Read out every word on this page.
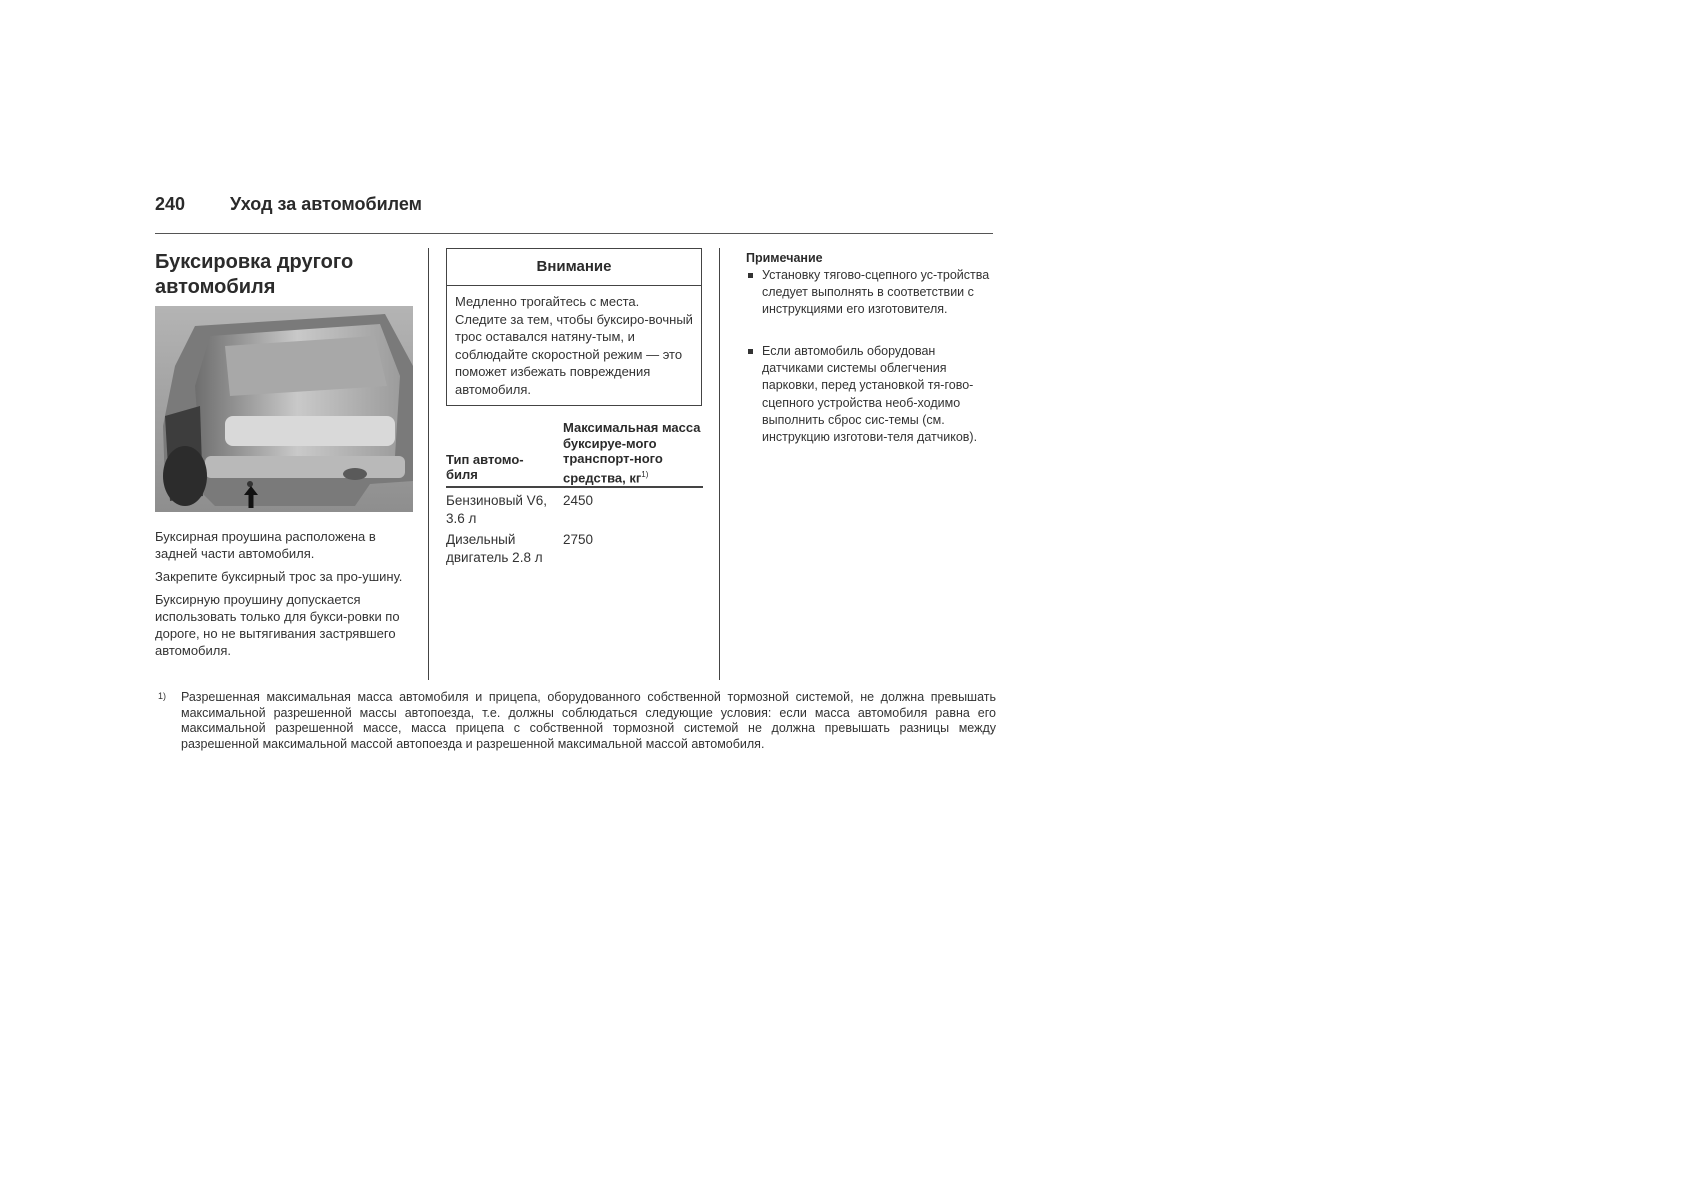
240 Уход за автомобилем
Буксировка другого автомобиля

Буксирная проушина расположена в задней части автомобиля.

Закрепите буксирный трос за про-ушину.

Буксирную проушину допускается использовать только для букси-ровки по дороге, но не вытягивания застрявшего автомобиля.

Внимание
Медленно трогайтесь с места. Следите за тем, чтобы буксиро-вочный трос оставался натяну-тым, и соблюдайте скоростной режим — это поможет избежать повреждения автомобиля.
Тип автомо-биля
Максимальная масса буксируе-мого транспорт-ного средства, $кг^{1)}$
Бензиновый V6, 3.6 л
2450
Дизельный двигатель 2.8 л
2750
Примечание
Установку тягово-сцепного ус-тройства следует выполнять в соответствии с инструкциями его изготовителя.
Если автомобиль оборудован датчиками системы облегчения парковки, перед установкой тя-гово-сцепного устройства необ-ходимо выполнить сброс сис-темы (см. инструкцию изготови-теля датчиков).
1) Разрешенная максимальная масса автомобиля и прицепа, оборудованного собственной тормозной системой, не должна превышать максимальной разрешенной массы автопоезда, т.е. должны соблюдаться следующие условия: если масса автомобиля равна его максимальной разрешенной массе, масса прицепа с собственной тормозной системой не должна превышать разницы между разрешенной максимальной массой автопоезда и разрешенной максимальной массой автомобиля.
